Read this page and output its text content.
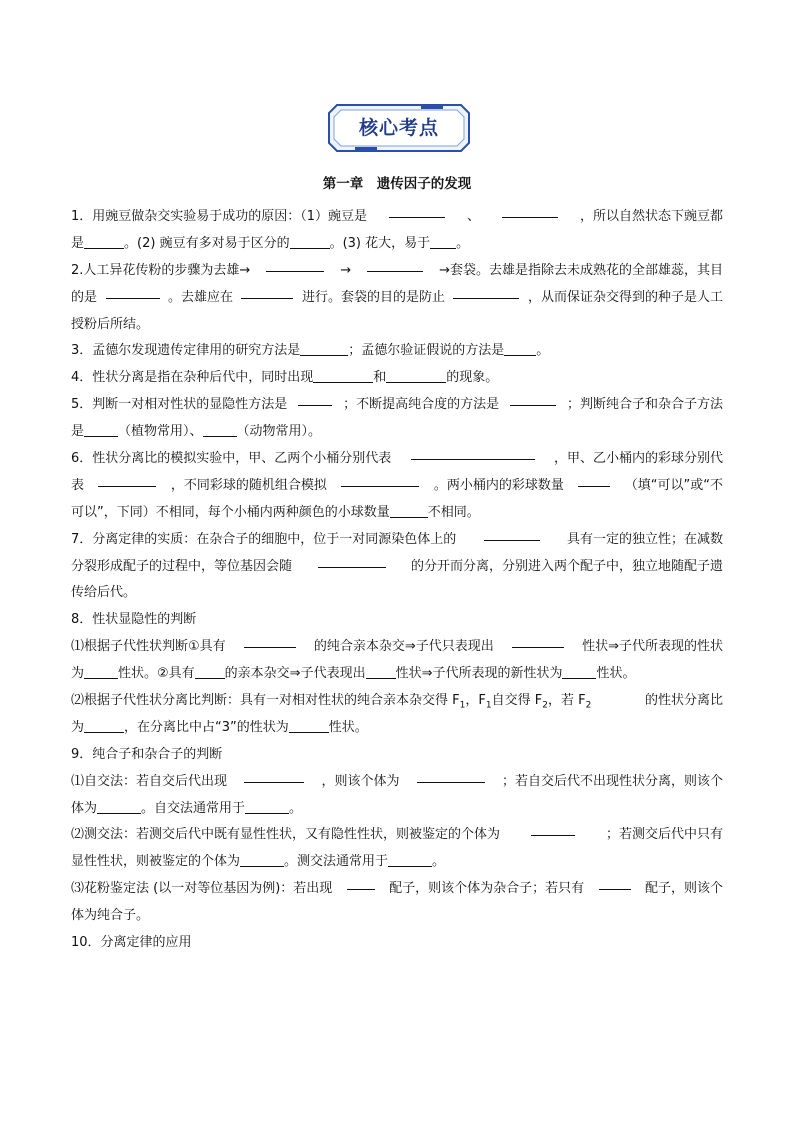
核心考点
第一章　遗传因子的发现
1．用豌豆做杂交实验易于成功的原因：（1）豌豆是	、	，所以自然状态下豌豆都
是	。(2) 豌豆有多对易于区分的	。(3) 花大，易于 。
2.人工异花传粉的步骤为去雄→	→	→套袋。去雄是指除去未成熟花的全部雄蕊，其目
的是	。去雄应在	进行。套袋的目的是防止	，从而保证杂交得到的种子是人工
授粉后所结。
3．孟德尔发现遗传定律用的研究方法是	；孟德尔验证假说的方法是 。
4．性状分离是指在杂种后代中，同时出现	和	的现象。
5．判断一对相对性状的显隐性方法是	；不断提高纯合度的方法是	；判断纯合子和杂合子方法
是	（植物常用）、	（动物常用）。
6．性状分离比的模拟实验中，甲、乙两个小桶分别代表	，甲、乙小桶内的彩球分别代
表	，不同彩球的随机组合模拟	。两小桶内的彩球数量	（填“可以”或“不
可以”，下同）不相同，每个小桶内两种颜色的小球数量	不相同。
7．分离定律的实质：在杂合子的细胞中，位于一对同源染色体上的	具有一定的独立性；在减数
分裂形成配子的过程中，等位基因会随	的分开而分离，分别进入两个配子中，独立地随配子遗
传给后代。
8．性状显隐性的判断
⑴根据子代性状判断①具有	的纯合亲本杂交⇒子代只表现出	性状⇒子代所表现的性状
为	性状。②具有 的亲本杂交⇒子代表现出 性状⇒子代所表现的新性状为	性状。
⑵根据子代性状分离比判断：具有一对相对性状的纯合亲本杂交得 $F_1$，$F_1$自交得 $F_2$，若 $F_2$	的性状分离比
为	，在分离比中占“3”的性状为	性状。
9．纯合子和杂合子的判断
⑴自交法：若自交后代出现	，则该个体为	；若自交后代不出现性状分离，则该个
体为	。自交法通常用于	。
⑵测交法：若测交后代中既有显性性状，又有隐性性状，则被鉴定的个体为	；若测交后代中只有
显性性状，则被鉴定的个体为	。测交法通常用于	。
⑶花粉鉴定法 (以一对等位基因为例)：若出现	配子，则该个体为杂合子；若只有	配子，则该个
体为纯合子。
10．分离定律的应用
